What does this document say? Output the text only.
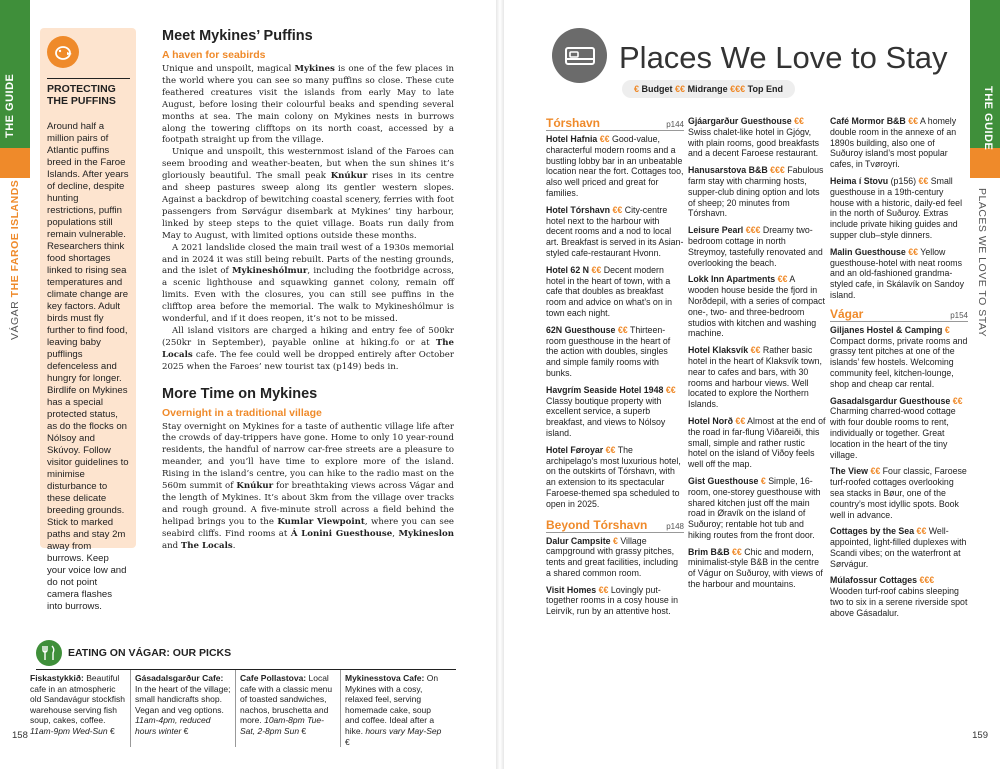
THE GUIDE
VÁGAR THE FAROE ISLANDS
PROTECTING THE PUFFINS
Around half a million pairs of Atlantic puffins breed in the Faroe Islands. After years of decline, despite hunting restrictions, puffin populations still remain vulnerable. Researchers think food shortages linked to rising sea temperatures and climate change are key factors. Adult birds must fly further to find food, leaving baby pufflings defenceless and hungry for longer. Birdlife on Mykines has a special protected status, as do the flocks on Nólsoy and Skúvoy. Follow visitor guidelines to minimise disturbance to these delicate breeding grounds. Stick to marked paths and stay 2m away from burrows. Keep your voice low and do not point camera flashes into burrows.
Meet Mykines’ Puffins
A haven for seabirds

Unique and unspoilt, magical Mykines is one of the few places in the world where you can see so many puffins so close. These cute feathered creatures visit the islands from early May to late August, before losing their colourful beaks and spending several months at sea. The main colony on Mykines nests in burrows along the towering clifftops on its north coast, accessed by a footpath straight up from the village.

Unique and unspoilt, this westernmost island of the Faroes can seem brooding and weather-beaten, but when the sun shines it’s gloriously beautiful. The small peak Knúkur rises in its centre and sheep pastures sweep along its gentler western slopes. Against a backdrop of bewitching coastal scenery, ferries with foot passengers from Sørvágur disembark at Mykines’ tiny harbour, linked by steep steps to the quiet village. Boats run daily from May to August, with limited options outside these months.

A 2021 landslide closed the main trail west of a 1930s memorial and in 2024 it was still being rebuilt. Parts of the nesting grounds, and the islet of Mykineshólmur, including the footbridge across, a scenic lighthouse and squawking gannet colony, remain off limits. Even with the closures, you can still see puffins in the clifftop area before the memorial. The walk to Mykineshólmur is wonderful, and if it does reopen, it’s not to be missed.

All island visitors are charged a hiking and entry fee of 500kr (250kr in September), payable online at hiking.fo or at The Locals cafe. The fee could well be dropped entirely after October 2025 when the Faroes’ new tourist tax (p149) beds in.

More Time on Mykines
Overnight in a traditional village

Stay overnight on Mykines for a taste of authentic village life after the crowds of day-trippers have gone. Home to only 10 year-round residents, the handful of narrow car-free streets are a pleasure to meander, and you’ll have time to explore more of the island. Rising in the island’s centre, you can hike to the radio mast on the 560m summit of Knúkur for breathtaking views across Vágar and the length of Mykines. It’s about 3km from the village over tracks and rough ground. A five-minute stroll across a field behind the helipad brings you to the Kumlar Viewpoint, where you can see seabird cliffs. Find rooms at Á Lonini Guesthouse, Mykineslon and The Locals.

EATING ON VÁGAR: OUR PICKS
Fiskastykkið: Beautiful cafe in an atmospheric old Sandavágur stockfish warehouse serving fish soup, cakes, coffee. 11am-9pm Wed-Sun €
Gásadalsgarður Cafe: In the heart of the village; small handicrafts shop. Vegan and veg options. 11am-4pm, reduced hours winter €
Cafe Pollastova: Local cafe with a classic menu of toasted sandwiches, nachos, bruschetta and more. 10am-8pm Tue-Sat, 2-8pm Sun €
Mykinesstova Cafe: On Mykines with a cosy, relaxed feel, serving homemade cake, soup and coffee. Ideal after a hike. hours vary May-Sep €
158
THE GUIDE
PLACES WE LOVE TO STAY
Places We Love to Stay
€ Budget €€ Midrange €€€ Top End
Tórshavn	p144

Hotel Hafnia €€ Good-value, characterful modern rooms and a bustling lobby bar in an unbeatable location near the fort. Cottages too, also well priced and great for families.

Hotel Tórshavn €€ City-centre hotel next to the harbour with decent rooms and a nod to local art. Breakfast is served in its Asian-styled cafe-restaurant Hvonn.

Hotel 62 N €€ Decent modern hotel in the heart of town, with a cafe that doubles as breakfast room and advice on what’s on in town each night.

62N Guesthouse €€ Thirteen-room guesthouse in the heart of the action with doubles, singles and simple family rooms with bunks.

Havgrím Seaside Hotel 1948 €€ Classy boutique property with excellent service, a superb breakfast, and views to Nólsoy island.

Hotel Føroyar €€ The archipelago’s most luxurious hotel, on the outskirts of Tórshavn, with an extension to its spectacular Faroese-themed spa scheduled to open in 2025.

Beyond Tórshavn p148

Dalur Campsite € Village campground with grassy pitches, tents and great facilities, including a shared common room.

Visit Homes €€ Lovingly put-together rooms in a cosy house in Leirvík, run by an attentive host.

Gjáargarður Guesthouse €€ Swiss chalet-like hotel in Gjógv, with plain rooms, good breakfasts and a decent Faroese restaurant.

Hanusarstova B&B €€€ Fabulous farm stay with charming hosts, supper-club dining option and lots of sheep; 20 minutes from Tórshavn.

Leisure Pearl €€€ Dreamy two-bedroom cottage in north Streymoy, tastefully renovated and overlooking the beach.

Lokk Inn Apartments €€ A wooden house beside the fjord in Norðdepil, with a series of compact one-, two- and three-bedroom studios with kitchen and washing machine.

Hotel Klaksvík €€ Rather basic hotel in the heart of Klaksvík town, near to cafes and bars, with 30 rooms and harbour views. Well located to explore the Northern Islands.

Hotel Norð €€ Almost at the end of the road in far-flung Viðareiði, this small, simple and rather rustic hotel on the island of Viðoy feels well off the map.

Gist Guesthouse € Simple, 16-room, one-storey guesthouse with shared kitchen just off the main road in Øravík on the island of Suðuroy; rentable hot tub and hiking routes from the front door.

Brim B&B €€ Chic and modern, minimalist-style B&B in the centre of Vágur on Suðuroy, with views of the harbour and mountains.

Café Mormor B&B €€ A homely double room in the annexe of an 1890s building, also one of Suðuroy island’s most popular cafes, in Tvøroyri.

Heima í Stovu (p156) €€ Small guesthouse in a 19th-century house with a historic, daily-ed feel in the north of Suðuroy. Extras include private hiking guides and supper club–style dinners.

Malin Guesthouse €€ Yellow guesthouse-hotel with neat rooms and an old-fashioned grandma-styled cafe, in Skálavík on Sandoy island.

Vágar	p154

Giljanes Hostel & Camping € Compact dorms, private rooms and grassy tent pitches at one of the islands’ few hostels. Welcoming community feel, kitchen-lounge, shop and cheap car rental.

Gasadalsgardur Guesthouse €€ Charming charred-wood cottage with four double rooms to rent, individually or together. Great location in the heart of the tiny village.

The View €€ Four classic, Faroese turf-roofed cottages overlooking sea stacks in Bøur, one of the country’s most idyllic spots. Book well in advance.

Cottages by the Sea €€ Well-appointed, light-filled duplexes with Scandi vibes; on the waterfront at Sørvágur.

Múlafossur Cottages €€€ Wooden turf-roof cabins sleeping two to six in a serene riverside spot above Gásadalur.

159
